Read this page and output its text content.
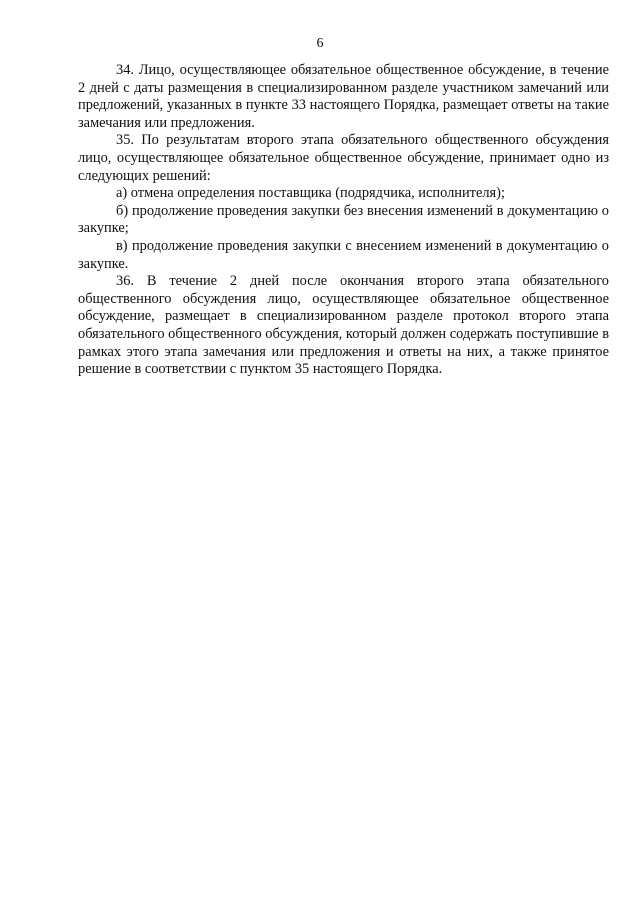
6

34. Лицо, осуществляющее обязательное общественное обсуждение, в течение 2 дней с даты размещения в специализированном разделе участником замечаний или предложений, указанных в пункте 33 настоящего Порядка, размещает ответы на такие замечания или предложения.

35. По результатам второго этапа обязательного общественного обсуждения лицо, осуществляющее обязательное общественное обсуждение, принимает одно из следующих решений:

а) отмена определения поставщика (подрядчика, исполнителя);

б) продолжение проведения закупки без внесения изменений в документацию о закупке;

в) продолжение проведения закупки с внесением изменений в документацию о закупке.

36. В течение 2 дней после окончания второго этапа обязательного общественного обсуждения лицо, осуществляющее обязательное общественное обсуждение, размещает в специализированном разделе протокол второго этапа обязательного общественного обсуждения, который должен содержать поступившие в рамках этого этапа замечания или предложения и ответы на них, а также принятое решение в соответствии с пунктом 35 настоящего Порядка.
